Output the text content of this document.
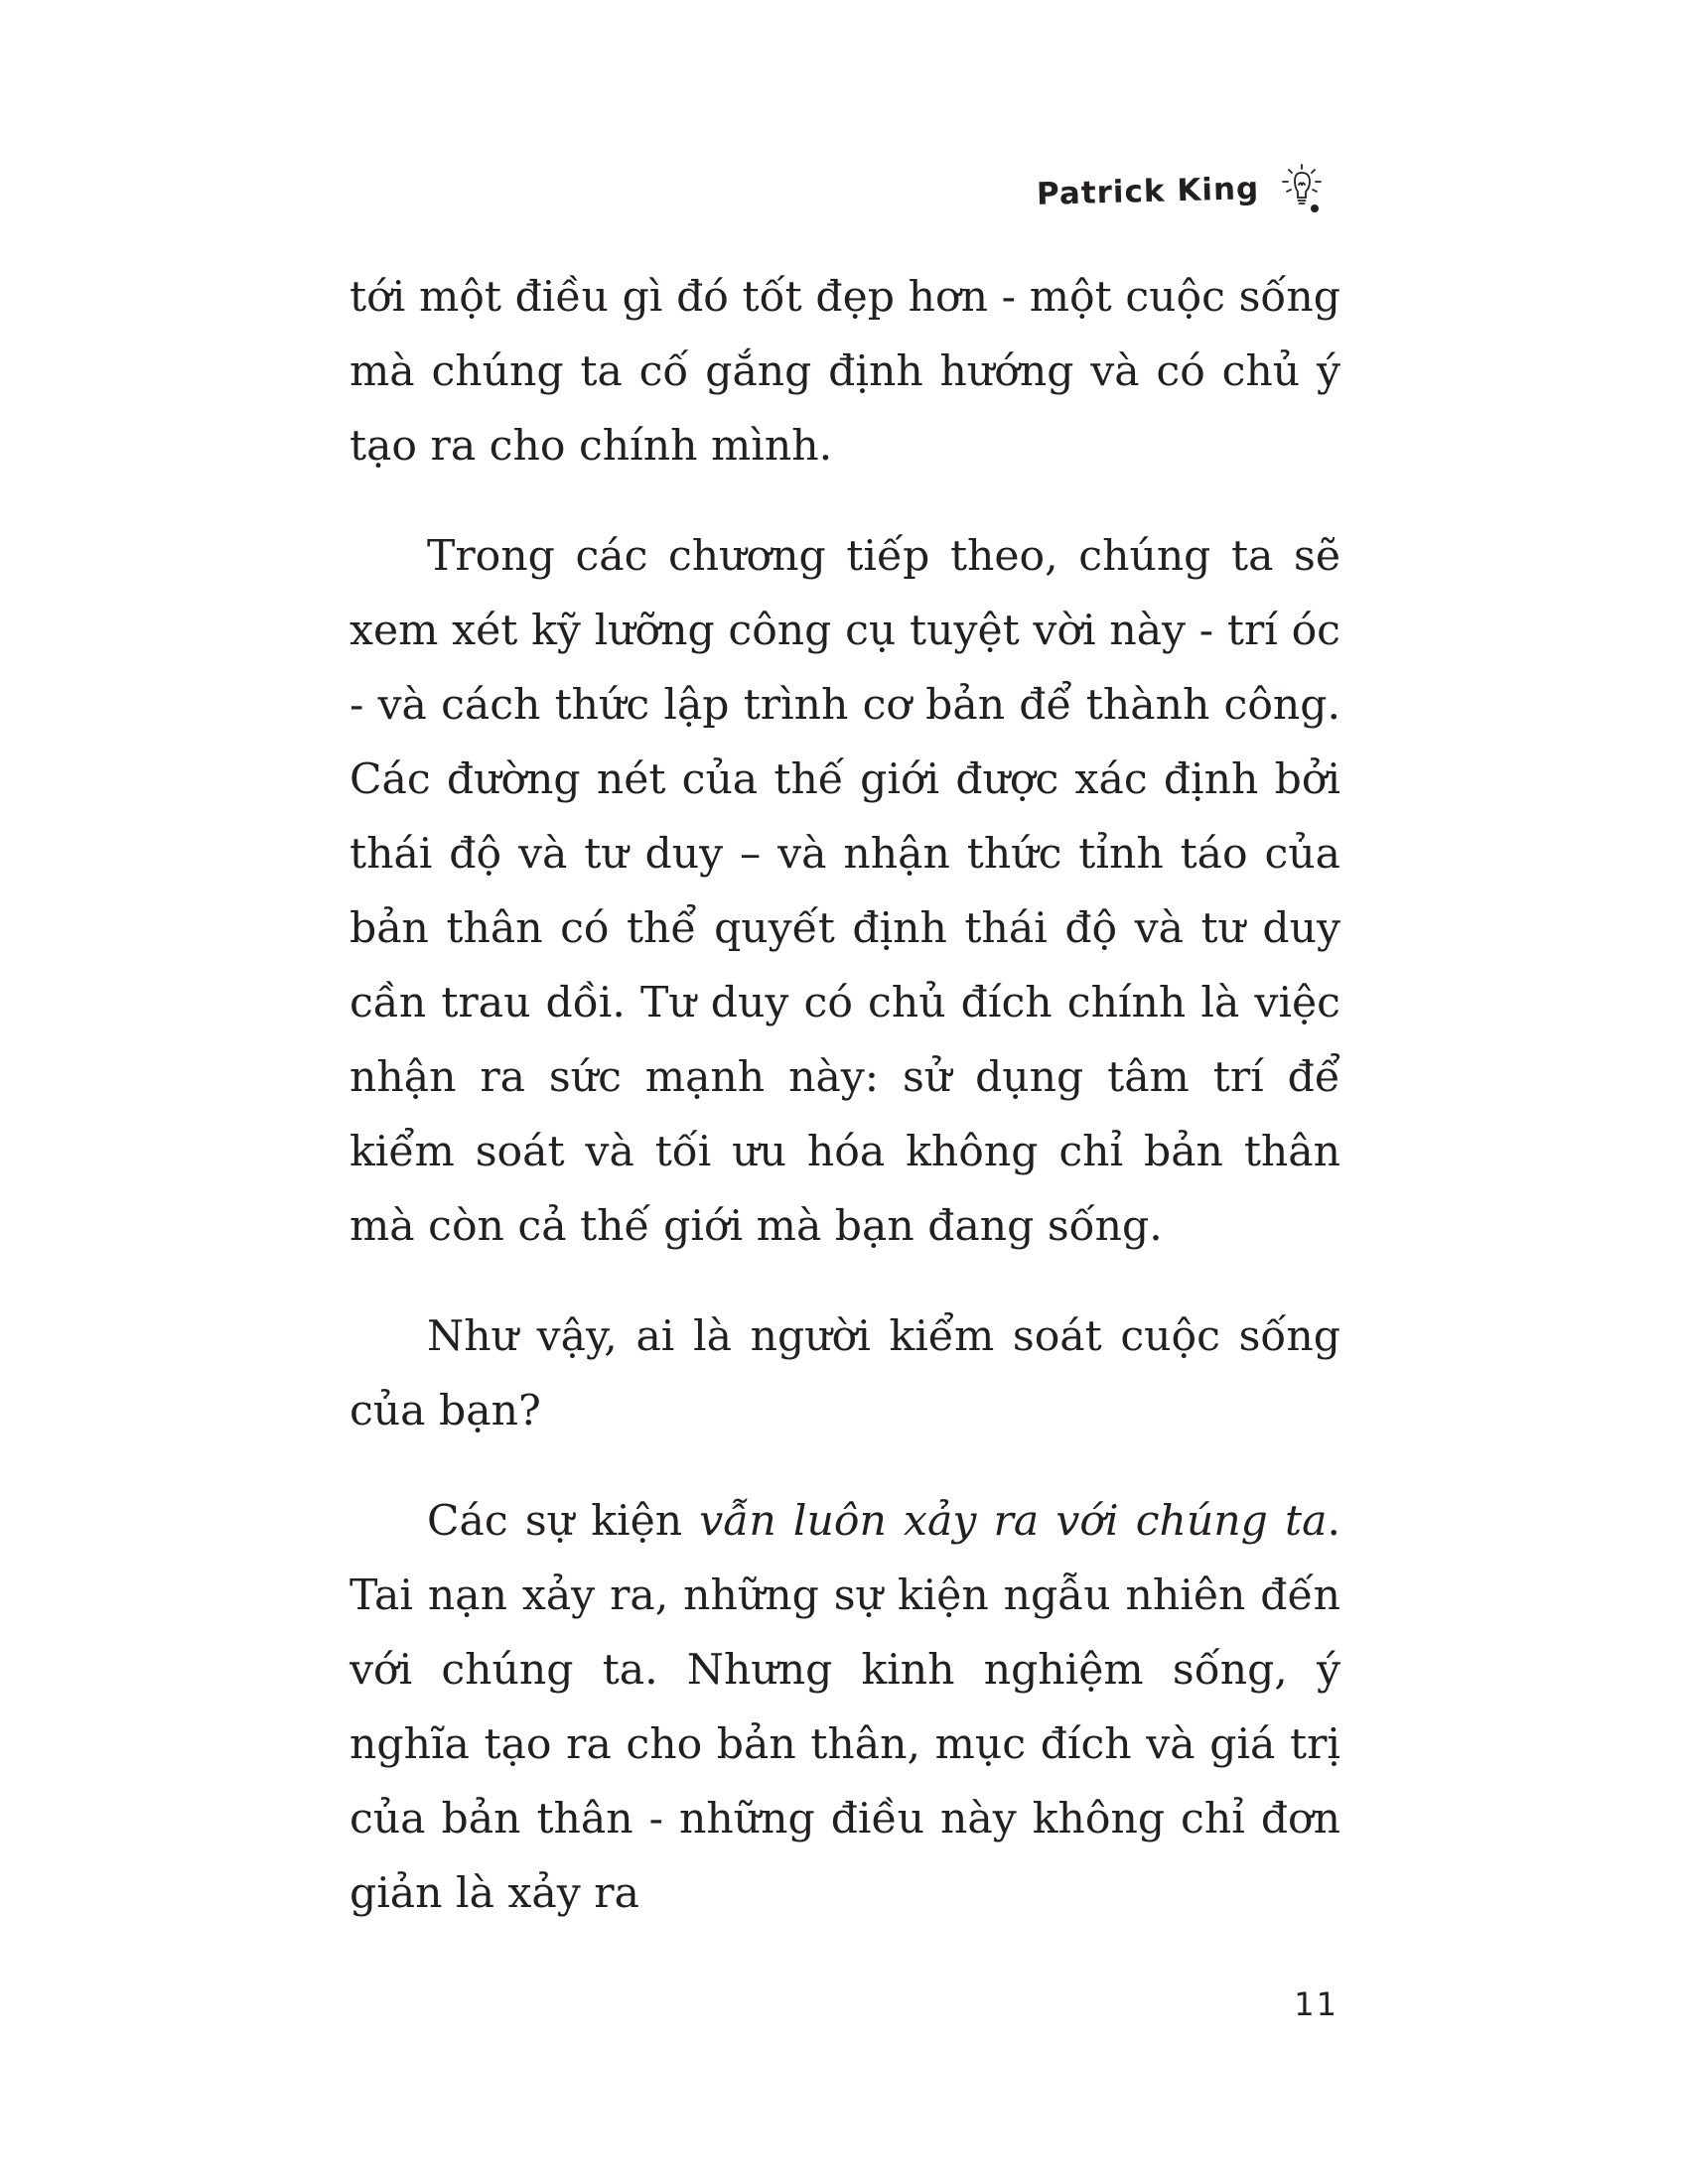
Patrick King

tới một điều gì đó tốt đẹp hơn - một cuộc sống mà chúng ta cố gắng định hướng và có chủ ý tạo ra cho chính mình.

Trong các chương tiếp theo, chúng ta sẽ xem xét kỹ lưỡng công cụ tuyệt vời này - trí óc - và cách thức lập trình cơ bản để thành công. Các đường nét của thế giới được xác định bởi thái độ và tư duy – và nhận thức tỉnh táo của bản thân có thể quyết định thái độ và tư duy cần trau dồi. Tư duy có chủ đích chính là việc nhận ra sức mạnh này: sử dụng tâm trí để kiểm soát và tối ưu hóa không chỉ bản thân mà còn cả thế giới mà bạn đang sống.

Như vậy, ai là người kiểm soát cuộc sống của bạn?

Các sự kiện vẫn luôn xảy ra với chúng ta. Tai nạn xảy ra, những sự kiện ngẫu nhiên đến với chúng ta. Nhưng kinh nghiệm sống, ý nghĩa tạo ra cho bản thân, mục đích và giá trị của bản thân - những điều này không chỉ đơn giản là xảy ra

11
